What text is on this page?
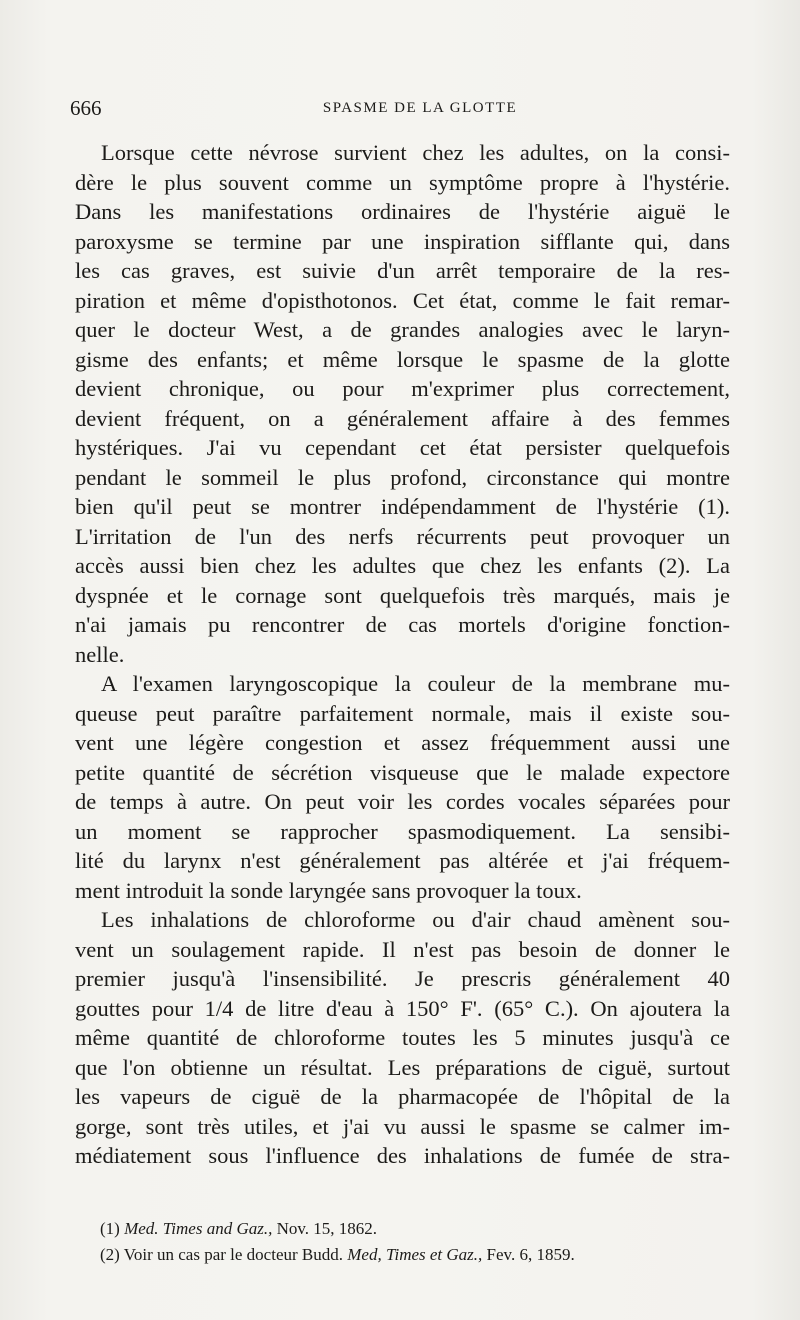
666	SPASME DE LA GLOTTE
Lorsque cette névrose survient chez les adultes, on la consi-
dère le plus souvent comme un symptôme propre à l'hystérie.
Dans les manifestations ordinaires de l'hystérie aiguë le
paroxysme se termine par une inspiration sifflante qui, dans
les cas graves, est suivie d'un arrêt temporaire de la res-
piration et même d'opisthotonos. Cet état, comme le fait remar-
quer le docteur West, a de grandes analogies avec le laryn-
gisme des enfants; et même lorsque le spasme de la glotte
devient chronique, ou pour m'exprimer plus correctement,
devient fréquent, on a généralement affaire à des femmes
hystériques. J'ai vu cependant cet état persister quelquefois
pendant le sommeil le plus profond, circonstance qui montre
bien qu'il peut se montrer indépendamment de l'hystérie (1).
L'irritation de l'un des nerfs récurrents peut provoquer un
accès aussi bien chez les adultes que chez les enfants (2). La
dyspnée et le cornage sont quelquefois très marqués, mais je
n'ai jamais pu rencontrer de cas mortels d'origine fonction-
nelle.
A l'examen laryngoscopique la couleur de la membrane mu-
queuse peut paraître parfaitement normale, mais il existe sou-
vent une légère congestion et assez fréquemment aussi une
petite quantité de sécrétion visqueuse que le malade expectore
de temps à autre. On peut voir les cordes vocales séparées pour
un moment se rapprocher spasmodiquement. La sensibi-
lité du larynx n'est généralement pas altérée et j'ai fréquem-
ment introduit la sonde laryngée sans provoquer la toux.
Les inhalations de chloroforme ou d'air chaud amènent sou-
vent un soulagement rapide. Il n'est pas besoin de donner le
premier jusqu'à l'insensibilité. Je prescris généralement 40
gouttes pour 1/4 de litre d'eau à 150° F'. (65° C.). On ajoutera la
même quantité de chloroforme toutes les 5 minutes jusqu'à ce
que l'on obtienne un résultat. Les préparations de ciguë, surtout
les vapeurs de ciguë de la pharmacopée de l'hôpital de la
gorge, sont très utiles, et j'ai vu aussi le spasme se calmer im-
médiatement sous l'influence des inhalations de fumée de stra-
(1) Med. Times and Gaz., Nov. 15, 1862.
(2) Voir un cas par le docteur Budd. Med, Times et Gaz., Fev. 6, 1859.
